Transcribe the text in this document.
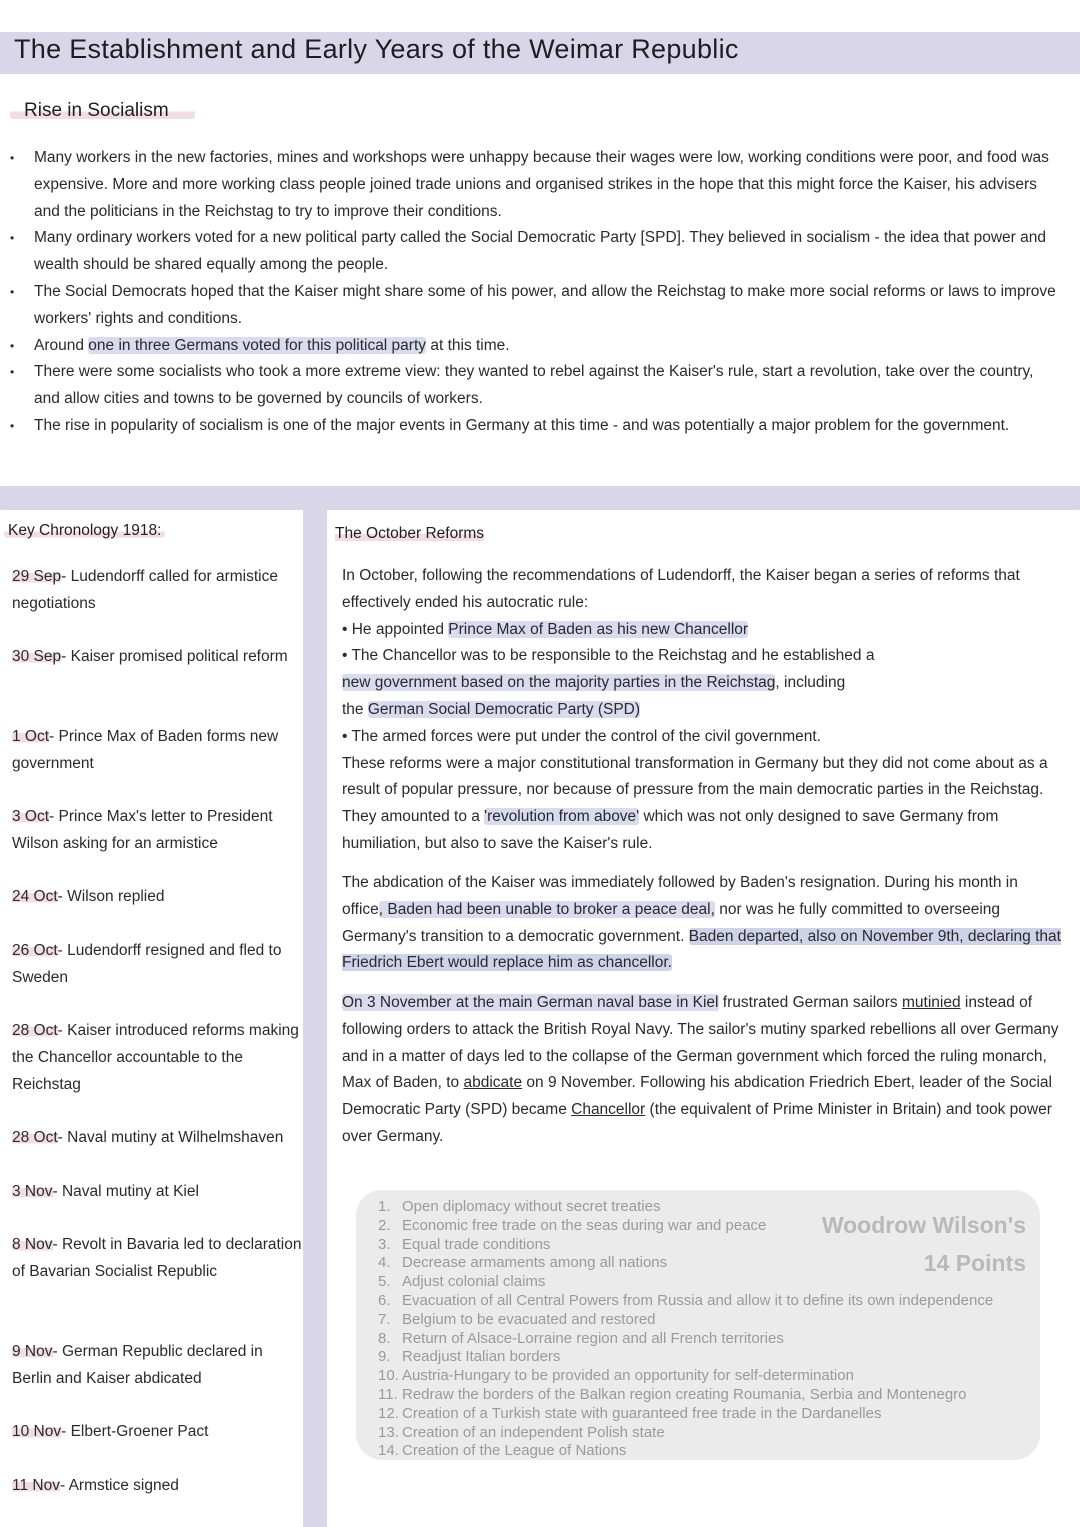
The Establishment and Early Years of the Weimar Republic
Rise in Socialism
• Many workers in the new factories, mines and workshops were unhappy because their wages were low, working conditions were poor, and food was expensive. More and more working class people joined trade unions and organised strikes in the hope that this might force the Kaiser, his advisers and the politicians in the Reichstag to try to improve their conditions.
• Many ordinary workers voted for a new political party called the Social Democratic Party [SPD]. They believed in socialism - the idea that power and wealth should be shared equally among the people.
• The Social Democrats hoped that the Kaiser might share some of his power, and allow the Reichstag to make more social reforms or laws to improve workers' rights and conditions.
• Around one in three Germans voted for this political party at this time.
• There were some socialists who took a more extreme view: they wanted to rebel against the Kaiser's rule, start a revolution, take over the country, and allow cities and towns to be governed by councils of workers.
• The rise in popularity of socialism is one of the major events in Germany at this time - and was potentially a major problem for the government.
Key Chronology 1918:
29 Sep- Ludendorff called for armistice negotiations
30 Sep- Kaiser promised political reform
1 Oct- Prince Max of Baden forms new government
3 Oct- Prince Max's letter to President Wilson asking for an armistice
24 Oct- Wilson replied
26 Oct- Ludendorff resigned and fled to Sweden
28 Oct- Kaiser introduced reforms making the Chancellor accountable to the Reichstag
28 Oct- Naval mutiny at Wilhelmshaven
3 Nov- Naval mutiny at Kiel
8 Nov- Revolt in Bavaria led to declaration of Bavarian Socialist Republic
9 Nov- German Republic declared in Berlin and Kaiser abdicated
10 Nov- Elbert-Groener Pact
11 Nov- Armstice signed
The October Reforms
In October, following the recommendations of Ludendorff, the Kaiser began a series of reforms that effectively ended his autocratic rule:
• He appointed Prince Max of Baden as his new Chancellor
• The Chancellor was to be responsible to the Reichstag and he established a
new government based on the majority parties in the Reichstag, including
the German Social Democratic Party (SPD)
• The armed forces were put under the control of the civil government.
These reforms were a major constitutional transformation in Germany but they did not come about as a result of popular pressure, nor because of pressure from the main democratic parties in the Reichstag. They amounted to a 'revolution from above' which was not only designed to save Germany from humiliation, but also to save the Kaiser's rule.
The abdication of the Kaiser was immediately followed by Baden's resignation. During his month in office, Baden had been unable to broker a peace deal, nor was he fully committed to overseeing Germany's transition to a democratic government. Baden departed, also on November 9th, declaring that Friedrich Ebert would replace him as chancellor.
On 3 November at the main German naval base in Kiel frustrated German sailors mutinied instead of following orders to attack the British Royal Navy. The sailor's mutiny sparked rebellions all over Germany and in a matter of days led to the collapse of the German government which forced the ruling monarch, Max of Baden, to abdicate on 9 November. Following his abdication Friedrich Ebert, leader of the Social Democratic Party (SPD) became Chancellor (the equivalent of Prime Minister in Britain) and took power over Germany.
Woodrow Wilson's 14 Points
1. Open diplomacy without secret treaties
2. Economic free trade on the seas during war and peace
3. Equal trade conditions
4. Decrease armaments among all nations
5. Adjust colonial claims
6. Evacuation of all Central Powers from Russia and allow it to define its own independence
7. Belgium to be evacuated and restored
8. Return of Alsace-Lorraine region and all French territories
9. Readjust Italian borders
10. Austria-Hungary to be provided an opportunity for self-determination
11. Redraw the borders of the Balkan region creating Roumania, Serbia and Montenegro
12. Creation of a Turkish state with guaranteed free trade in the Dardanelles
13. Creation of an independent Polish state
14. Creation of the League of Nations
